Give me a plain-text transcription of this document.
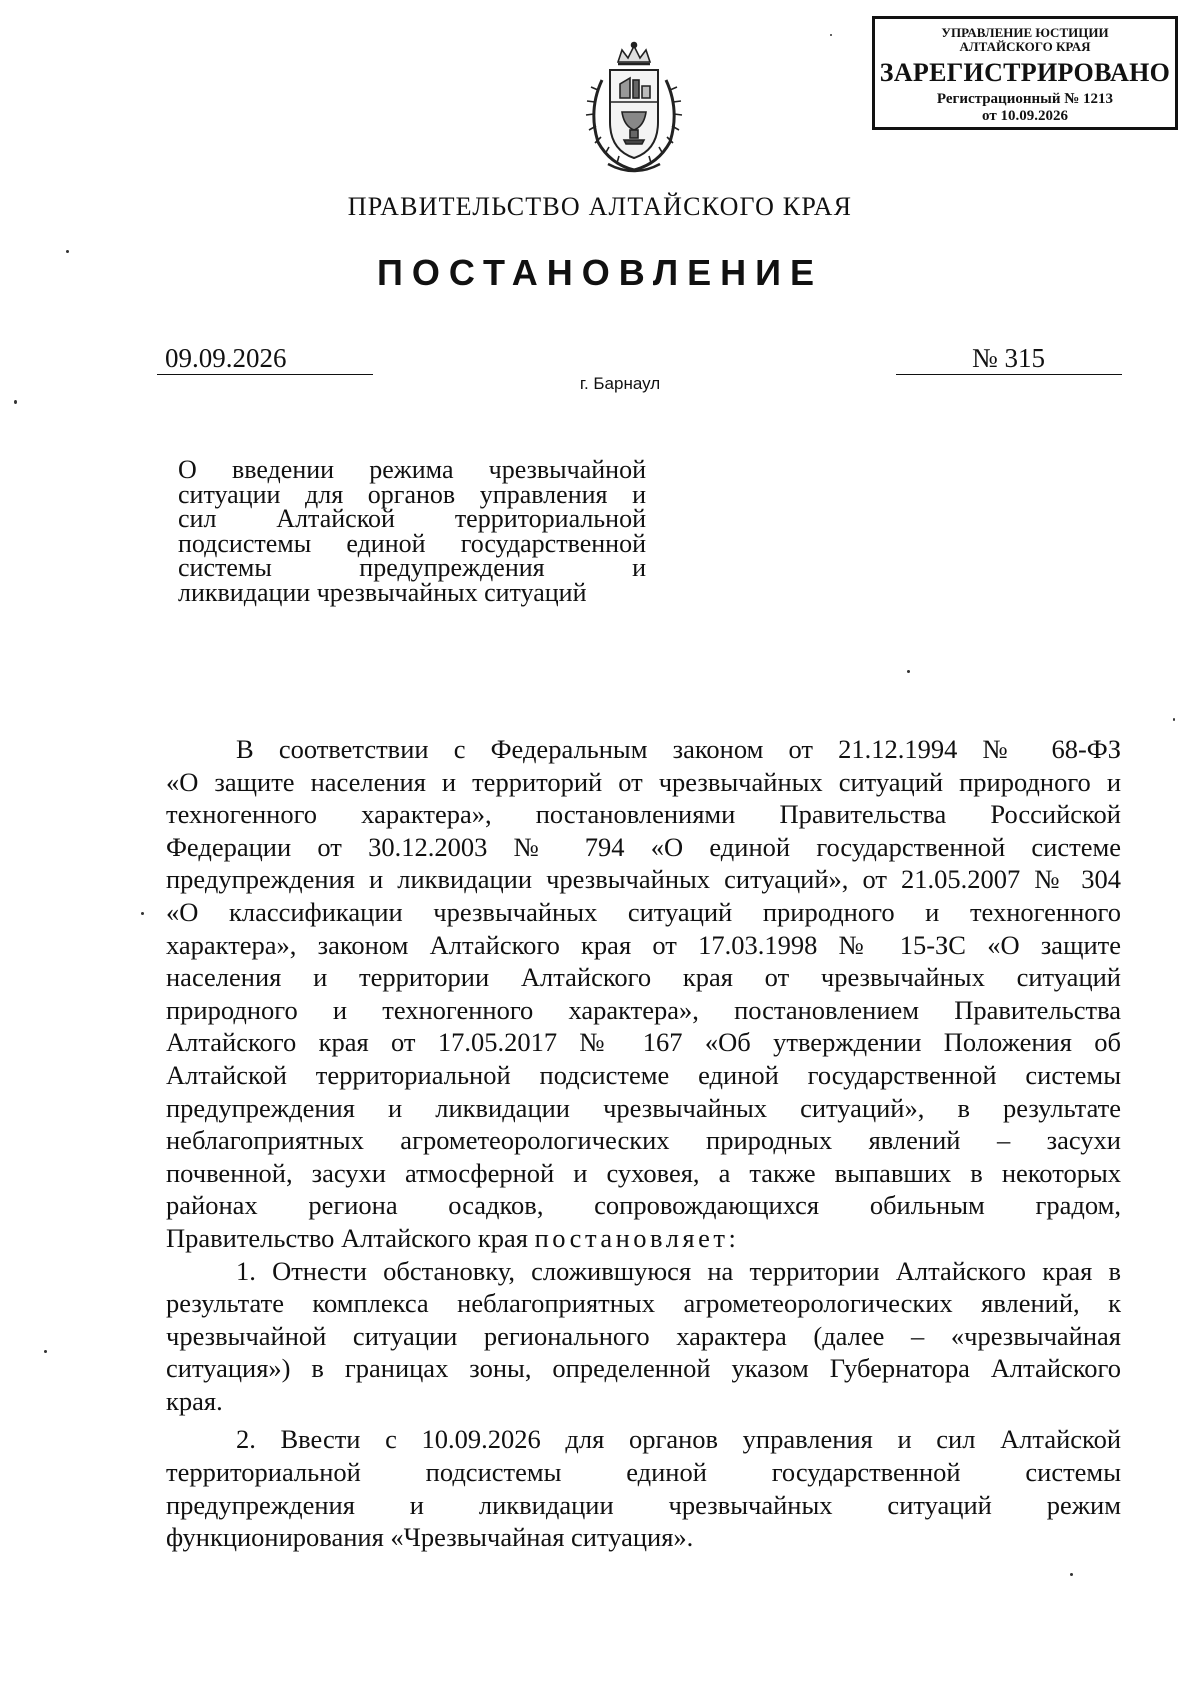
УПРАВЛЕНИЕ ЮСТИЦИИ
АЛТАЙСКОГО КРАЯ
ЗАРЕГИСТРИРОВАНО
Регистрационный № 1213
от 10.09.2026
ПРАВИТЕЛЬСТВО АЛТАЙСКОГО КРАЯ
ПОСТАНОВЛЕНИЕ
09.09.2026	№ 315
г. Барнаул
О введении режима чрезвычайной
ситуации для органов управления и
сил Алтайской территориальной
подсистемы единой государственной
системы предупреждения и
ликвидации чрезвычайных ситуаций
В соответствии с Федеральным законом от 21.12.1994 № 68-ФЗ
«О защите населения и территорий от чрезвычайных ситуаций природного и
техногенного характера», постановлениями Правительства Российской
Федерации от 30.12.2003 № 794 «О единой государственной системе
предупреждения и ликвидации чрезвычайных ситуаций», от 21.05.2007 № 304
«О классификации чрезвычайных ситуаций природного и техногенного
характера», законом Алтайского края от 17.03.1998 № 15-ЗС «О защите
населения и территории Алтайского края от чрезвычайных ситуаций
природного и техногенного характера», постановлением Правительства
Алтайского края от 17.05.2017 № 167 «Об утверждении Положения об
Алтайской территориальной подсистеме единой государственной системы
предупреждения и ликвидации чрезвычайных ситуаций», в результате
неблагоприятных агрометеорологических природных явлений – засухи
почвенной, засухи атмосферной и суховея, а также выпавших в некоторых
районах региона осадков, сопровождающихся обильным градом,
Правительство Алтайского края постановляет:
1. Отнести обстановку, сложившуюся на территории Алтайского края в
результате комплекса неблагоприятных агрометеорологических явлений, к
чрезвычайной ситуации регионального характера (далее – «чрезвычайная
ситуация») в границах зоны, определенной указом Губернатора Алтайского
края.
2. Ввести с 10.09.2026 для органов управления и сил Алтайской
территориальной подсистемы единой государственной системы
предупреждения и ликвидации чрезвычайных ситуаций режим
функционирования «Чрезвычайная ситуация».
